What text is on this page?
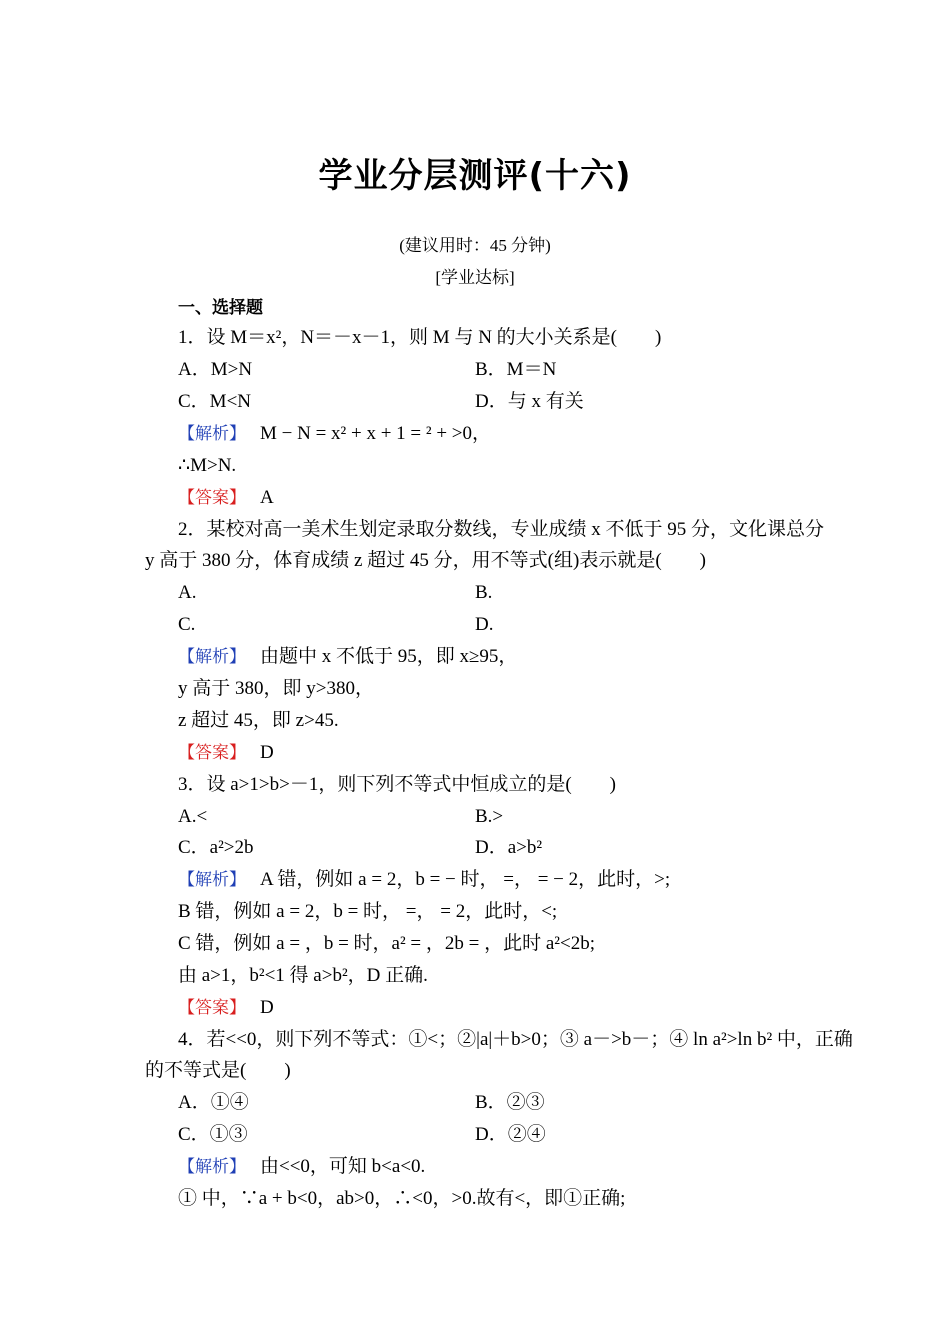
学业分层测评(十六)
(建议用时：45 分钟)
[学业达标]
一、选择题
1．设 M＝x²，N＝－x－1，则 M 与 N 的大小关系是(　　)
A．M>N	B．M＝N
C．M<N	D．与 x 有关
∴M>N.
2．某校对高一美术生划定录取分数线，专业成绩 x 不低于 95 分，文化课总分
y 高于 380 分，体育成绩 z 超过 45 分，用不等式(组)表示就是(　　)
A.	B.
C.	D.
y 高于 380，即 y>380，
z 超过 45，即 z>45.
3．设 a>1>b>－1，则下列不等式中恒成立的是(　　)
A.<	B.>
C．a²>2b	D．a>b²
B 错，例如 a = 2，b = 时， =， = 2，此时，<;
C 错，例如 a = ，b = 时，a² = ，2b = ，此时 a²<2b;
由 a>1，b²<1 得 a>b²，D 正确.
4．若<<0，则下列不等式：①<；②|a|＋b>0；③ a－>b－；④ ln a²>ln b² 中，正确
的不等式是(　　)
A．①④	B．②③
C．①③	D．②④
① 中，∵a + b<0，ab>0，∴<0，>0.故有<，即①正确;
【解析】 M − N = x² + x + 1 = ² + >0，
【解析】 由题中 x 不低于 95，即 x≥95，
【解析】 A 错，例如 a = 2，b = − 时， =， = − 2，此时，>;
【解析】 由<<0，可知 b<a<0.
【答案】 A
【答案】 D
【答案】 D
